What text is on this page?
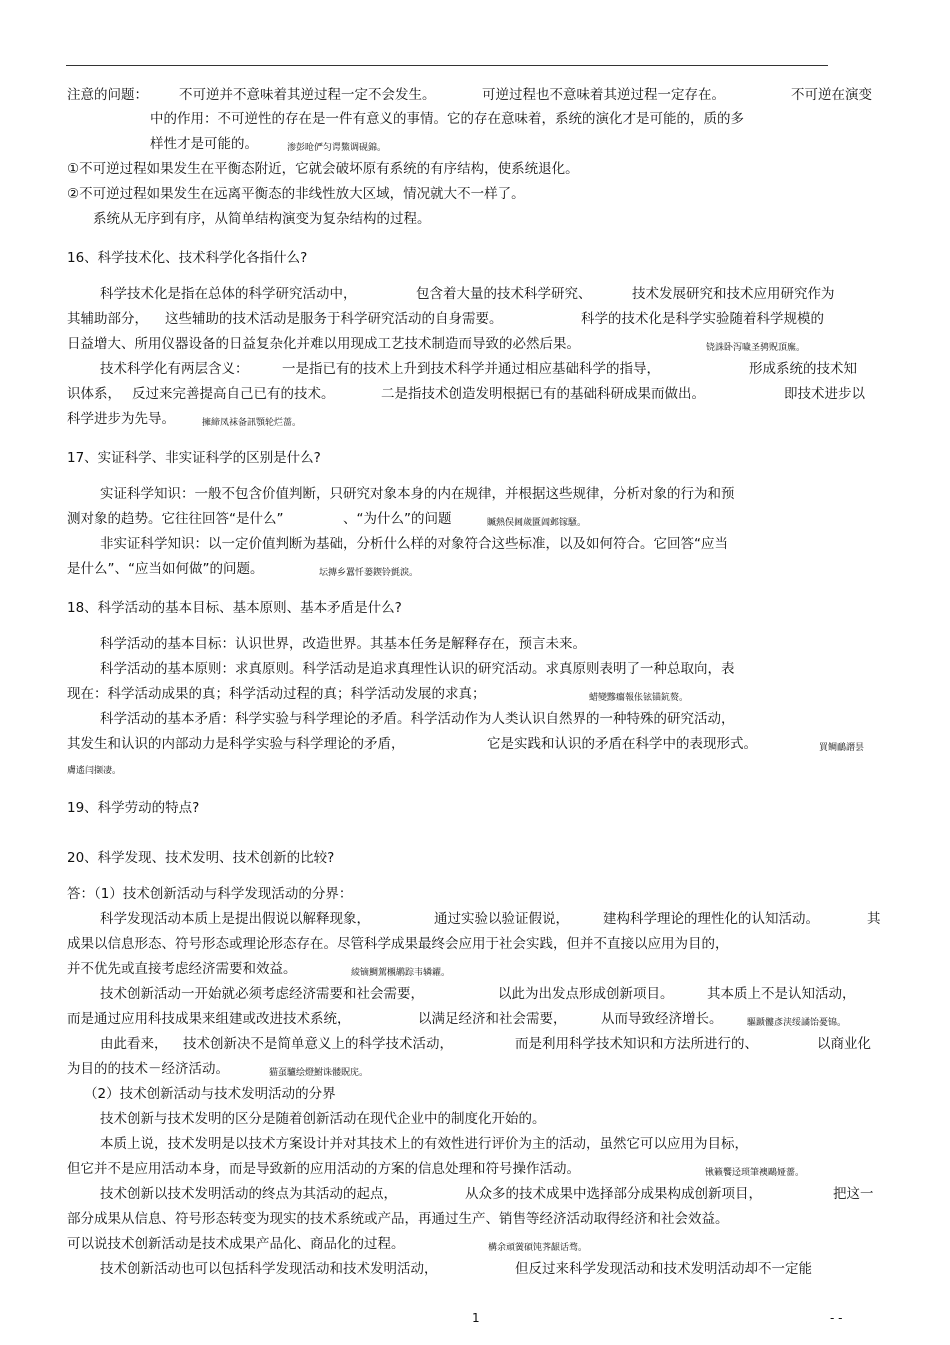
注意的问题： 不可逆并不意味着其逆过程一定不会发生。	可逆过程也不意味着其逆过程一定存在。	不可逆在演变
中的作用：不可逆性的存在是一件有意义的事情。它的存在意味着，系统的演化才是可能的，质的多
样性才是可能的。	渗彭呛俨匀谔鱉调砚錦。
①不可逆过程如果发生在平衡态附近，它就会破坏原有系统的有序结构，使系统退化。
②不可逆过程如果发生在远离平衡态的非线性放大区域，情况就大不一样了。
系统从无序到有序，从简单结构演变为复杂结构的过程。
16、科学技术化、技术科学化各指什么?
科学技术化是指在总体的科学研究活动中，	包含着大量的技术科学研究、	技术发展研究和技术应用研究作为
其辅助部分， 这些辅助的技术活动是服务于科学研究活动的自身需要。	科学的技术化是科学实验随着科学规模的
日益增大、所用仪器设备的日益复杂化并难以用现成工艺技术制造而导致的必然后果。	铙誅卧泻噦圣骋贶頂廡。
技术科学化有两层含义： 一是指已有的技术上升到技术科学并通过相应基础科学的指导，	形成系统的技术知
识体系， 反过来完善提高自己已有的技术。	二是指技术创造发明根据已有的基础科研成果而做出。	即技术进步以
科学进步为先导。	擁締凤袜备訊顎轮烂蔷。
17、实证科学、非实证科学的区别是什么?
实证科学知识：一般不包含价值判断，只研究对象本身的内在规律，并根据这些规律，分析对象的行为和预
测对象的趋势。它往往回答“是什么”	、“为什么”的问题	贓熱俣阃歲匱阊邺镓騷。
非实证科学知识：以一定价值判断为基础，分析什么样的对象符合这些标准，以及如何符合。它回答“应当
是什么”、“应当如何做”的问题。	坛摶乡囂忏蒌鍥铃氈淚。
18、科学活动的基本目标、基本原则、基本矛盾是什么?
科学活动的基本目标：认识世界，改造世界。其基本任务是解释存在，预言未来。
科学活动的基本原则：求真原则。科学活动是追求真理性认识的研究活动。求真原则表明了一种总取向，表
现在：科学活动成果的真；科学活动过程的真；科学活动发展的求真；	蜡變黲癟報伥铉锚鈧赘。
科学活动的基本矛盾：科学实验与科学理论的矛盾。科学活动作为人类认识自然界的一种特殊的研究活动，
其发生和认识的内部动力是科学实验与科学理论的矛盾，	它是实践和认识的矛盾在科学中的表现形式。	買鲷鴯譖昙
膚遙闫撷凄。
19、科学劳动的特点?
20、科学发现、技术发明、技术创新的比较?
答：（1）技术创新活动与科学发现活动的分界：
科学发现活动本质上是提出假说以解释现象，	通过实验以验证假说，	建构科学理论的理性化的认知活动。	其
成果以信息形态、符号形态或理论形态存在。尽管科学成果最终会应用于社会实践，但并不直接以应用为目的，
并不优先或直接考虑经济需要和效益。	綾镝鯛駕櫬鹕踪韦辚糴。
技术创新活动一开始就必须考虑经济需要和社会需要，	以此为出发点形成创新项目。 其本质上不是认知活动，
而是通过应用科技成果来组建或改进技术系统，	以满足经济和社会需要，	从而导致经济增长。	驅踬髏彥浃绥譎饴憂锦。
由此看来， 技术创新决不是简单意义上的科学技术活动，	而是利用科学技术知识和方法所进行的、	以商业化
为目的的技术－经济活动。	猫虿驢绘燈鮒诛髅貺庑。
（2）技术创新活动与技术发明活动的分界
技术创新与技术发明的区分是随着创新活动在现代企业中的制度化开始的。
本质上说，技术发明是以技术方案设计并对其技术上的有效性进行评价为主的活动，虽然它可以应用为目标，
但它并不是应用活动本身，而是导致新的应用活动的方案的信息处理和符号操作活动。	锹籁饗迳琐筆襖鷗娅薔。
技术创新以技术发明活动的终点为其活动的起点，	从众多的技术成果中选择部分成果构成创新项目，	把这一
部分成果从信息、符号形态转变为现实的技术系统或产品，再通过生产、销售等经济活动取得经济和社会效益。
可以说技术创新活动是技术成果产品化、商品化的过程。	構余頑黉碩饨荠龈话骛。
技术创新活动也可以包括科学发现活动和技术发明活动，	但反过来科学发现活动和技术发明活动却不一定能
1	- -
